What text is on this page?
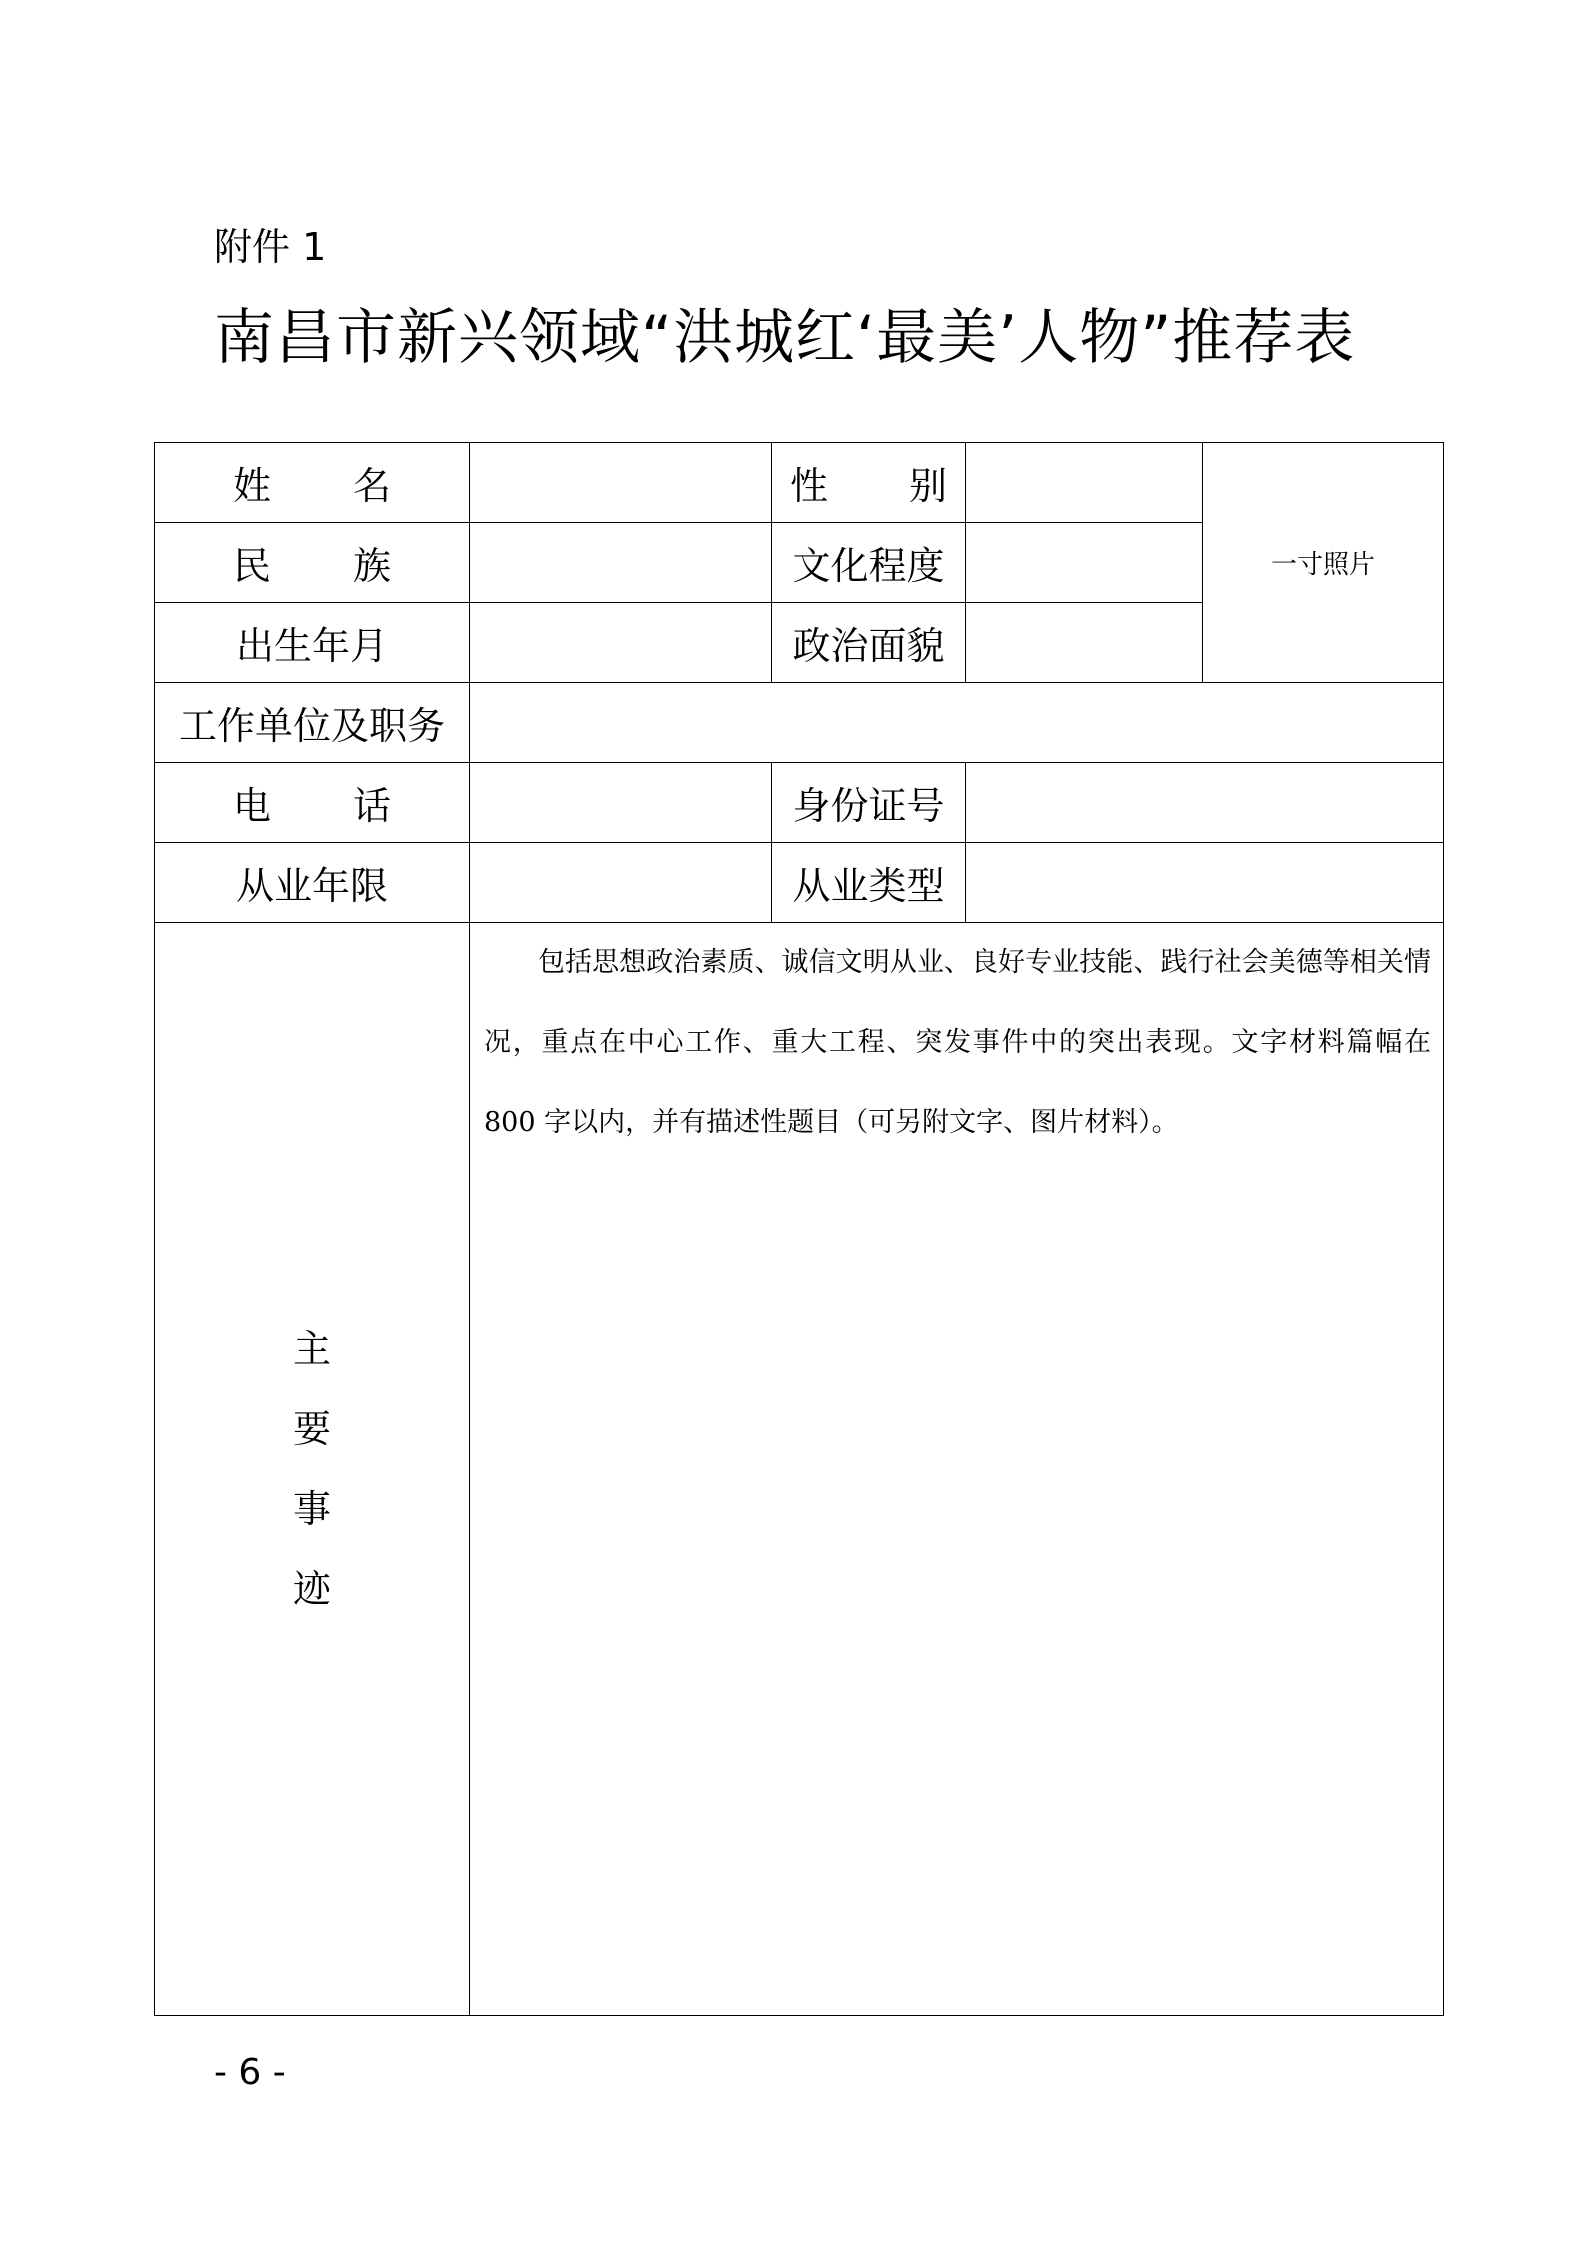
附件 1
南昌市新兴领域“洪城红‘最美’人物”推荐表
姓 名		性 别		一寸照片

民 族		文化程度		
出生年月		政治面貌		
工作单位及职务				

电 话		身份证号		
从业年限		从业类型		

主
要
事
迹	包括思想政治素质、诚信文明从业、良好专业技能、践行社会美德等相关情况，重点在中心工作、重大工程、突发事件中的突出表现。文字材料篇幅在 800 字以内，并有描述性题目（可另附文字、图片材料）。			
- 6 -
